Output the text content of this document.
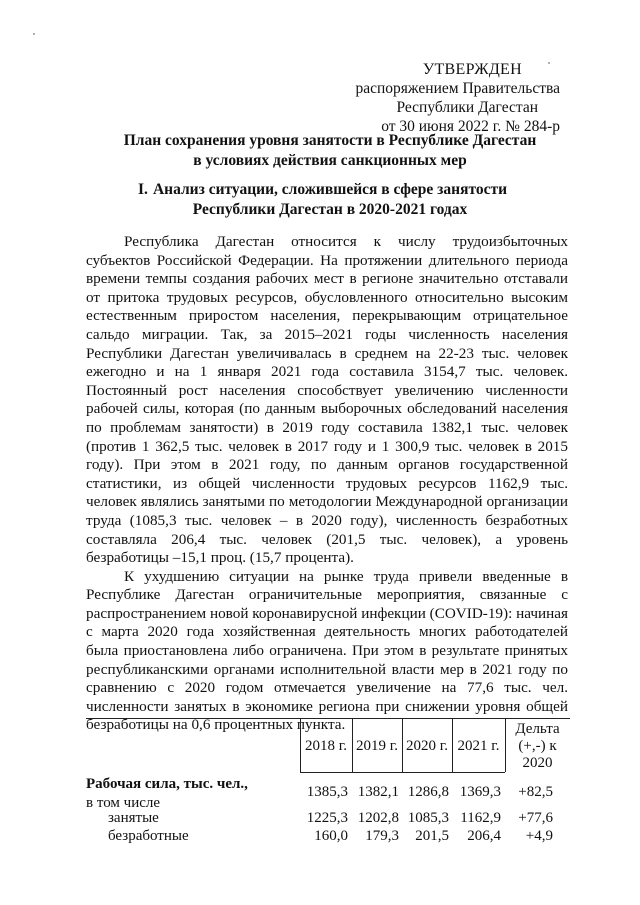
УТВЕРЖДЕН
распоряжением Правительства
Республики Дагестан
от 30 июня 2022 г. № 284-р
План сохранения уровня занятости в Республике Дагестан
в условиях действия санкционных мер
I. Анализ ситуации, сложившейся в сфере занятости
Республики Дагестан в 2020-2021 годах

Республика Дагестан относится к числу трудоизбыточных субъектов Российской Федерации. На протяжении длительного периода времени темпы создания рабочих мест в регионе значительно отставали от притока трудовых ресурсов, обусловленного относительно высоким естественным приростом населения, перекрывающим отрицательное сальдо миграции. Так, за 2015–2021 годы численность населения Республики Дагестан увеличивалась в среднем на 22-23 тыс. человек ежегодно и на 1 января 2021 года составила 3154,7 тыс. человек. Постоянный рост населения способствует увеличению численности рабочей силы, которая (по данным выборочных обследований населения по проблемам занятости) в 2019 году составила 1382,1 тыс. человек (против 1 362,5 тыс. человек в 2017 году и 1 300,9 тыс. человек в 2015 году). При этом в 2021 году, по данным органов государственной статистики, из общей численности трудовых ресурсов 1162,9 тыс. человек являлись занятыми по методологии Международной организации труда (1085,3 тыс. человек – в 2020 году), численность безработных составляла 206,4 тыс. человек (201,5 тыс. человек), а уровень безработицы –15,1 проц. (15,7 процента).

К ухудшению ситуации на рынке труда привели введенные в Республике Дагестан ограничительные мероприятия, связанные с распространением новой коронавирусной инфекции (COVID-19): начиная с марта 2020 года хозяйственная деятельность многих работодателей была приостановлена либо ограничена. При этом в результате принятых республиканскими органами исполнительной власти мер в 2021 году по сравнению с 2020 годом отмечается увеличение на 77,6 тыс. чел. численности занятых в экономике региона при снижении уровня общей безработицы на 0,6 процентных пункта.

2018 г. 2019 г. 2020 г. 2021 г.
Дельта
(+,-) к
2020
Рабочая сила, тыс. чел.,
в том числе
1385,3 1382,1 1286,8 1369,3 +82,5
занятые	1225,3 1202,8 1085,3 1162,9 +77,6
безработные	160,0 179,3 201,5 206,4 +4,9
